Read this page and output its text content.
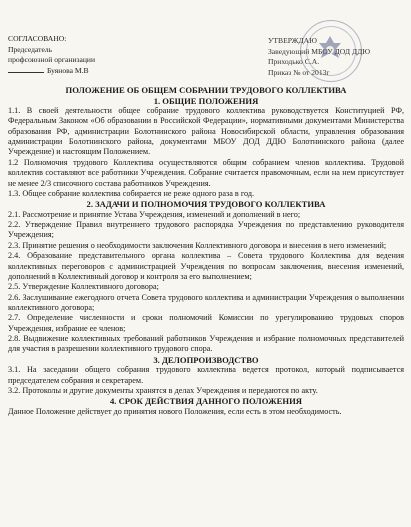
СОГЛАСОВАНО:
Председатель
профсоюзной организации
Буянова М.В
УТВЕРЖДАЮ
Заведующий МБОУ ДОД ДДЮ
Приходько С.А.
Приказ № от 2013г
ПОЛОЖЕНИЕ ОБ ОБЩЕМ СОБРАНИИ ТРУДОВОГО КОЛЛЕКТИВА
1. ОБЩИЕ ПОЛОЖЕНИЯ
1.1. В своей деятельности общее собрание трудового коллектива руководствуется Конституцией РФ, Федеральным Законом «Об образовании в Российской Федерации», нормативными документами Министерства образования РФ, администрации Болотнинского района Новосибирской области, управления образования администрации Болотнинского района, документами МБОУ ДОД ДДЮ Болотнинского района (далее Учреждение) и настоящим Положением.
1.2 Полномочия трудового Коллектива осуществляются общим собранием членов коллектива. Трудовой коллектив составляют все работники Учреждения. Собрание считается правомочным, если на нем присутствует не менее 2/3 списочного состава работников Учреждения.
1.3. Общее собрание коллектива собирается не реже одного раза в год.
2. ЗАДАЧИ И ПОЛНОМОЧИЯ ТРУДОВОГО КОЛЛЕКТИВА
2.1. Рассмотрение и принятие Устава Учреждения, изменений и дополнений в него;
2.2. Утверждение Правил внутреннего трудового распорядка Учреждения по представлению руководителя Учреждения;
2.3. Принятие решения о необходимости заключения Коллективного договора и внесения в него изменений;
2.4. Образование представительного органа коллектива – Совета трудового Коллектива для ведения коллективных переговоров с администрацией Учреждения по вопросам заключения, внесения изменений, дополнений в Коллективный договор и контроля за его выполнением;
2.5. Утверждение Коллективного договора;
2.6. Заслушивание ежегодного отчета Совета трудового коллектива и администрации Учреждения о выполнении коллективного договора;
2.7. Определение численности и сроки полномочий Комиссии по урегулированию трудовых споров Учреждения, избрание ее членов;
2.8. Выдвижение коллективных требований работников Учреждения и избрание полномочных представителей для участия в разрешении коллективного трудового спора.
3. ДЕЛОПРОИЗВОДСТВО
3.1. На заседании общего собрания трудового коллектива ведется протокол, который подписывается председателем собрания и секретарем.
3.2. Протоколы и другие документы хранятся в делах Учреждения и передаются по акту.
4. СРОК ДЕЙСТВИЯ ДАННОГО ПОЛОЖЕНИЯ
Данное Положение действует до принятия нового Положения, если есть в этом необходимость.
